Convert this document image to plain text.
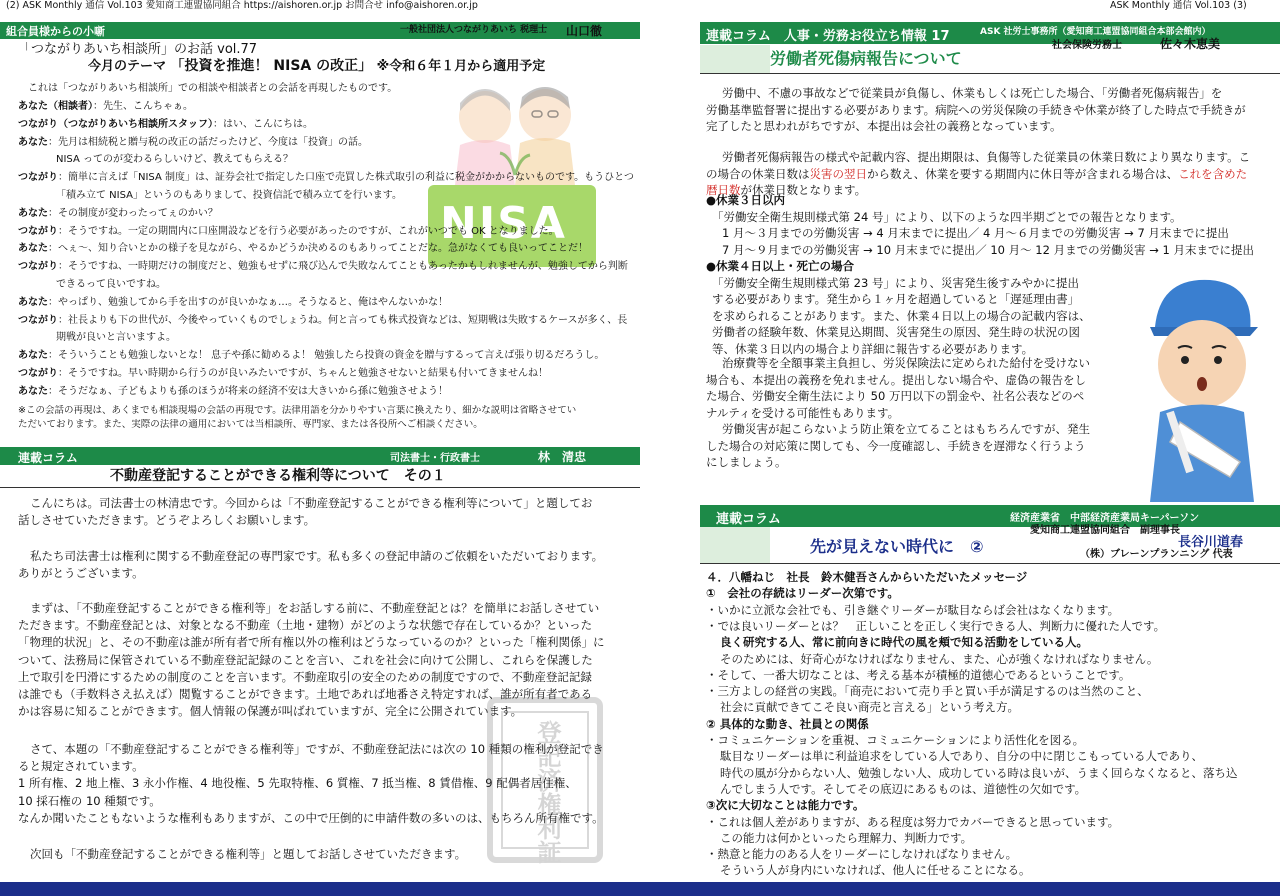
(2) ASK Monthly 通信 Vol.103 愛知商工連盟協同組合 https://aishoren.or.jp お問合せ info@aishoren.or.jp
組合員様からの小噺	一般社団法人つながりあいち 税理士 山口徹
「つながりあいち相談所」のお話 vol.77
今月のテーマ 「投資を推進！ NISA の改正」 ※令和６年１月から適用予定
NISA
これは「つながりあいち相談所」での相談や相談者との会話を再現したものです。
あなた（相談者）：先生、こんちゃぁ。
つながり（つながりあいち相談所スタッフ）：はい、こんにちは。
あなた：先月は相続税と贈与税の改正の話だったけど、今度は「投資」の話。
NISA ってのが変わるらしいけど、教えてもらえる？
つながり：簡単に言えば「NISA 制度」は、証券会社で指定した口座で売買した株式取引の利益に税金がかからないものです。もうひとつ
「積み立て NISA」というのもありまして、投資信託で積み立てを行います。
あなた：その制度が変わったってぇのかい？
つながり：そうですね。一定の期間内に口座開設などを行う必要があったのですが、これがいつでも OK となりました。
あなた：へぇ〜、知り合いとかの様子を見ながら、やるかどうか決めるのもありってことだな。急がなくても良いってことだ！
つながり：そうですね、一時期だけの制度だと、勉強もせずに飛び込んで失敗なんてこともあったかもしれませんが、勉強してから判断
できるって良いですね。
あなた：やっぱり、勉強してから手を出すのが良いかなぁ…。そうなると、俺はやんないかな！
つながり：社長よりも下の世代が、今後やっていくものでしょうね。何と言っても株式投資などは、短期戦は失敗するケースが多く、長
期戦が良いと言いますよ。
あなた：そういうことも勉強しないとな！ 息子や孫に勧めるよ！ 勉強したら投資の資金を贈与するって言えば張り切るだろうし。
つながり：そうですね。早い時期から行うのが良いみたいですが、ちゃんと勉強させないと結果も付いてきませんね！
あなた：そうだなぁ、子どもよりも孫のほうが将来の経済不安は大きいから孫に勉強させよう！
※この会話の再現は、あくまでも相談現場の会話の再現です。法律用語を分かりやすい言葉に換えたり、細かな説明は省略させてい
ただいております。また、実際の法律の適用においては当相談所、専門家、または各役所へご相談ください。
連載コラム	司法書士・行政書士	林　清忠
不動産登記することができる権利等について　その１
こんにちは。司法書士の林清忠です。今回からは「不動産登記することができる権利等について」と題してお
話しさせていただきます。どうぞよろしくお願いします。
私たち司法書士は権利に関する不動産登記の専門家です。私も多くの登記申請のご依頼をいただいております。
ありがとうございます。
まずは、「不動産登記することができる権利等」をお話しする前に、不動産登記とは？を簡単にお話しさせてい
ただきます。不動産登記とは、対象となる不動産（土地・建物）がどのような状態で存在しているか？といった
「物理的状況」と、その不動産は誰が所有者で所有権以外の権利はどうなっているのか？といった「権利関係」に
ついて、法務局に保管されている不動産登記記録のことを言い、これを社会に向けて公開し、これらを保護した
上で取引を円滑にするための制度のことを言います。不動産取引の安全のための制度ですので、不動産登記記録
は誰でも（手数料さえ払えば）閲覧することができます。土地であれば地番さえ特定すれば、誰が所有者である
かは容易に知ることができます。個人情報の保護が叫ばれていますが、完全に公開されています。
さて、本題の「不動産登記することができる権利等」ですが、不動産登記法には次の 10 種類の権利が登記でき
ると規定されています。
1 所有権、2 地上権、3 永小作権、4 地役権、5 先取特権、6 質権、7 抵当権、8 賃借権、9 配偶者居住権、
10 採石権の 10 種類です。
なんか聞いたこともないような権利もありますが、この中で圧倒的に申請件数の多いのは、もちろん所有権です。
次回も「不動産登記することができる権利等」と題してお話しさせていただきます。	登記済権利証
ASK Monthly 通信 Vol.103 (3)
連載コラム　人事・労務お役立ち情報 17	ASK 社労士事務所（愛知商工連盟協同組合本部会館内）
社会保険労務士	佐々木恵美
労働者死傷病報告について
労働中、不慮の事故などで従業員が負傷し、休業もしくは死亡した場合、「労働者死傷病報告」を
労働基準監督署に提出する必要があります。病院への労災保険の手続きや休業が終了した時点で手続きが
完了したと思われがちですが、本提出は会社の義務となっています。
労働者死傷病報告の様式や記載内容、提出期限は、負傷等した従業員の休業日数により異なります。こ
の場合の休業日数は災害の翌日から数え、休業を要する期間内に休日等が含まれる場合は、これを含めた
暦日数が休業日数となります。
●休業３日以内
「労働安全衛生規則様式第 24 号」により、以下のような四半期ごとでの報告となります。
1 月〜３月までの労働災害 → 4 月末までに提出／ 4 月〜６月までの労働災害 → 7 月末までに提出
7 月〜９月までの労働災害 → 10 月末までに提出／ 10 月〜 12 月までの労働災害 → 1 月末までに提出
●休業４日以上・死亡の場合
「労働安全衛生規則様式第 23 号」により、災害発生後すみやかに提出
する必要があります。発生から１ヶ月を超過していると「遅延理由書」
を求められることがあります。また、休業４日以上の場合の記載内容は、
労働者の経験年数、休業見込期間、災害発生の原因、発生時の状況の図
等、休業３日以内の場合より詳細に報告する必要があります。
治療費等を全額事業主負担し、労災保険法に定められた給付を受けない
場合も、本提出の義務を免れません。提出しない場合や、虚偽の報告をし
た場合、労働安全衛生法により 50 万円以下の罰金や、社名公表などのペ
ナルティを受ける可能性もあります。
労働災害が起こらないよう防止策を立てることはもちろんですが、発生
した場合の対応策に関しても、今一度確認し、手続きを遅滞なく行うよう
にしましょう。
連載コラム	経済産業省　中部経済産業局キーパーソン
愛知商工連盟協同組合　副理事長
長谷川道春
（株）ブレーンプランニング 代表
先が見えない時代に　②
４．八幡ねじ　社長　鈴木健吾さんからいただいたメッセージ
①　会社の存続はリーダー次第です。
・いかに立派な会社でも、引き継ぐリーダーが駄目ならば会社はなくなります。
・では良いリーダーとは？　正しいことを正しく実行できる人、判断力に優れた人です。
良く研究する人、常に前向きに時代の風を頬で知る活動をしている人。
そのためには、好奇心がなければなりません、また、心が強くなければなりません。
・そして、一番大切なことは、考える基本が積極的道徳心であるということです。
・三方よしの経営の実践。「商売において売り手と買い手が満足するのは当然のこと、
社会に貢献できてこそ良い商売と言える」という考え方。
② 具体的な動き、社員との関係
・コミュニケーションを重視、コミュニケーションにより活性化を図る。
駄目なリーダーは単に利益追求をしている人であり、自分の中に閉じこもっている人であり、
時代の風が分からない人、勉強しない人、成功している時は良いが、うまく回らなくなると、落ち込
んでしまう人です。そしてその底辺にあるものは、道徳性の欠如です。
③次に大切なことは能力です。
・これは個人差がありますが、ある程度は努力でカバーできると思っています。
この能力は何かといったら理解力、判断力です。
・熱意と能力のある人をリーダーにしなければなりません。
そういう人が身内にいなければ、他人に任せることになる。
